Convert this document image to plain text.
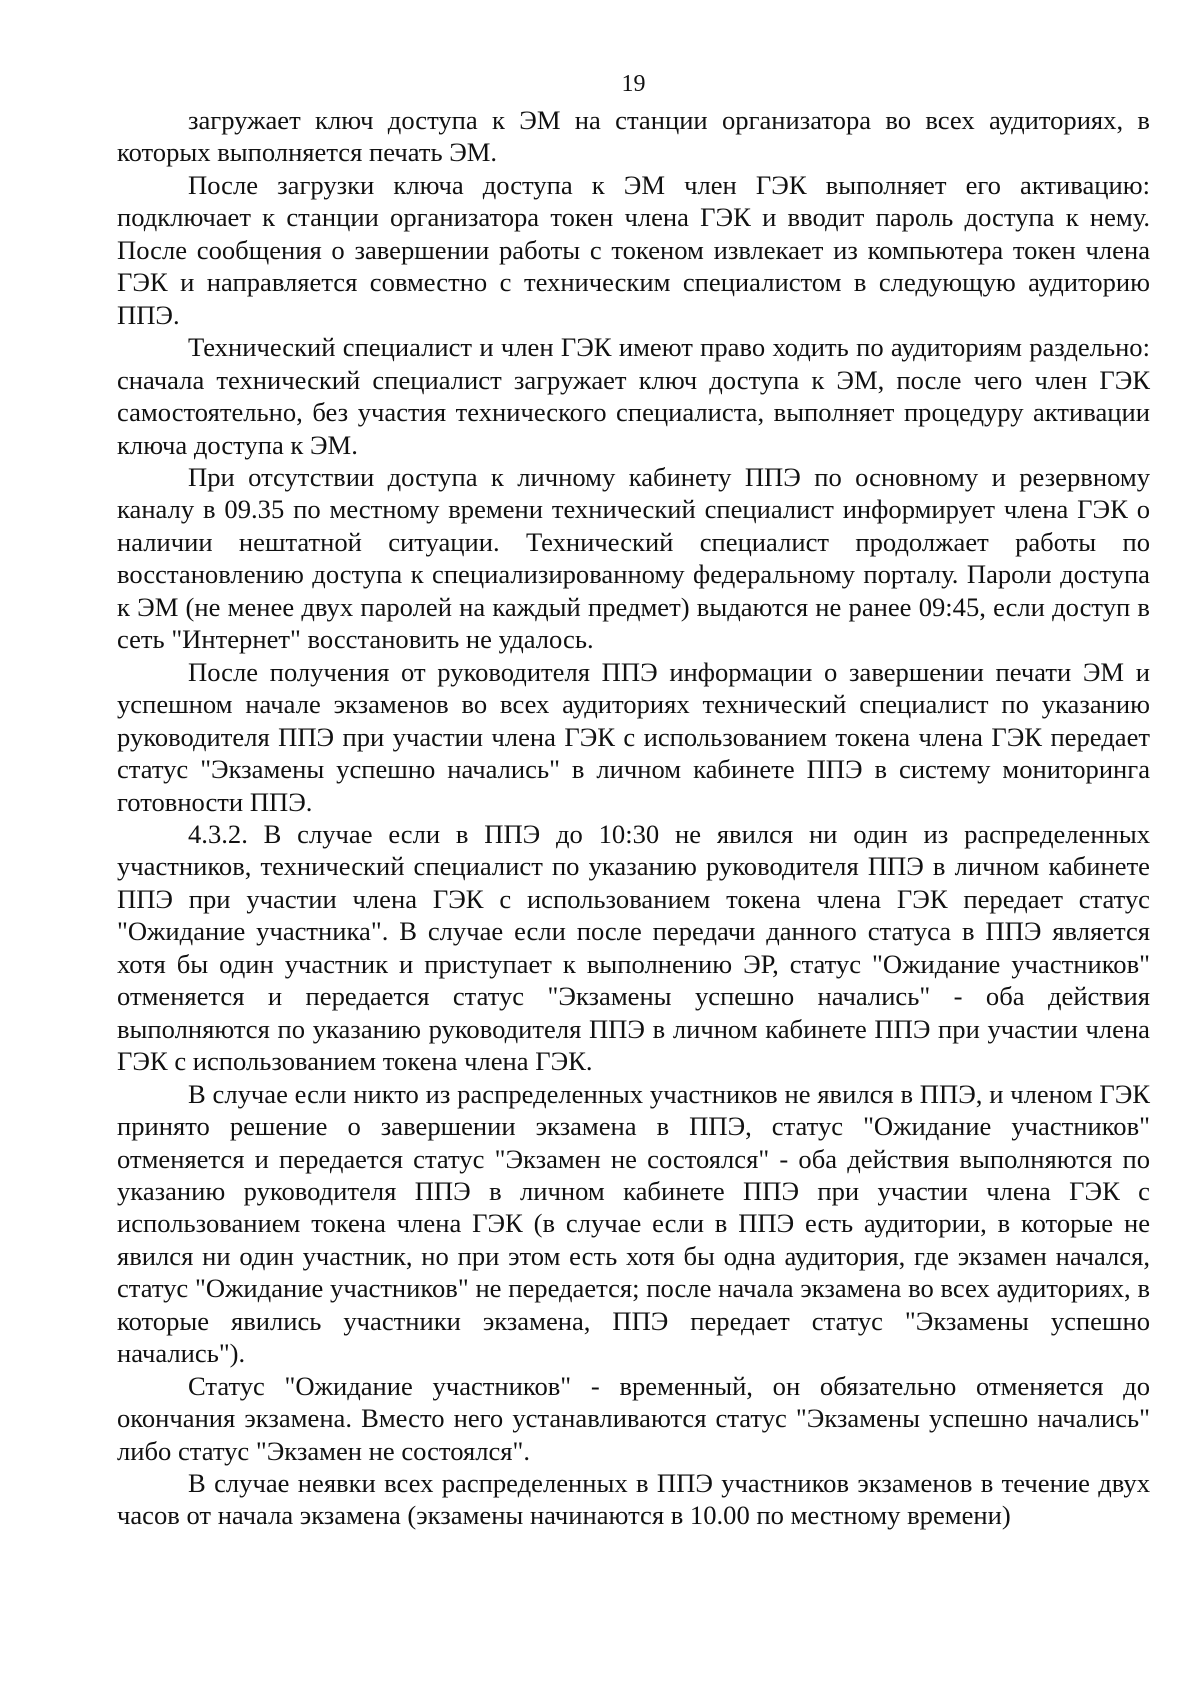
19

загружает ключ доступа к ЭМ на станции организатора во всех аудиториях, в которых выполняется печать ЭМ.

После загрузки ключа доступа к ЭМ член ГЭК выполняет его активацию: подключает к станции организатора токен члена ГЭК и вводит пароль доступа к нему. После сообщения о завершении работы с токеном извлекает из компьютера токен члена ГЭК и направляется совместно с техническим специалистом в следующую аудиторию ППЭ.

Технический специалист и член ГЭК имеют право ходить по аудиториям раздельно: сначала технический специалист загружает ключ доступа к ЭМ, после чего член ГЭК самостоятельно, без участия технического специалиста, выполняет процедуру активации ключа доступа к ЭМ.

При отсутствии доступа к личному кабинету ППЭ по основному и резервному каналу в 09.35 по местному времени технический специалист информирует члена ГЭК о наличии нештатной ситуации. Технический специалист продолжает работы по восстановлению доступа к специализированному федеральному порталу. Пароли доступа к ЭМ (не менее двух паролей на каждый предмет) выдаются не ранее 09:45, если доступ в сеть "Интернет" восстановить не удалось.

После получения от руководителя ППЭ информации о завершении печати ЭМ и успешном начале экзаменов во всех аудиториях технический специалист по указанию руководителя ППЭ при участии члена ГЭК с использованием токена члена ГЭК передает статус "Экзамены успешно начались" в личном кабинете ППЭ в систему мониторинга готовности ППЭ.

4.3.2. В случае если в ППЭ до 10:30 не явился ни один из распределенных участников, технический специалист по указанию руководителя ППЭ в личном кабинете ППЭ при участии члена ГЭК с использованием токена члена ГЭК передает статус "Ожидание участника". В случае если после передачи данного статуса в ППЭ является хотя бы один участник и приступает к выполнению ЭР, статус "Ожидание участников" отменяется и передается статус "Экзамены успешно начались" - оба действия выполняются по указанию руководителя ППЭ в личном кабинете ППЭ при участии члена ГЭК с использованием токена члена ГЭК.

В случае если никто из распределенных участников не явился в ППЭ, и членом ГЭК принято решение о завершении экзамена в ППЭ, статус "Ожидание участников" отменяется и передается статус "Экзамен не состоялся" - оба действия выполняются по указанию руководителя ППЭ в личном кабинете ППЭ при участии члена ГЭК с использованием токена члена ГЭК (в случае если в ППЭ есть аудитории, в которые не явился ни один участник, но при этом есть хотя бы одна аудитория, где экзамен начался, статус "Ожидание участников" не передается; после начала экзамена во всех аудиториях, в которые явились участники экзамена, ППЭ передает статус "Экзамены успешно начались").

Статус "Ожидание участников" - временный, он обязательно отменяется до окончания экзамена. Вместо него устанавливаются статус "Экзамены успешно начались" либо статус "Экзамен не состоялся".

В случае неявки всех распределенных в ППЭ участников экзаменов в течение двух часов от начала экзамена (экзамены начинаются в 10.00 по местному времени)
